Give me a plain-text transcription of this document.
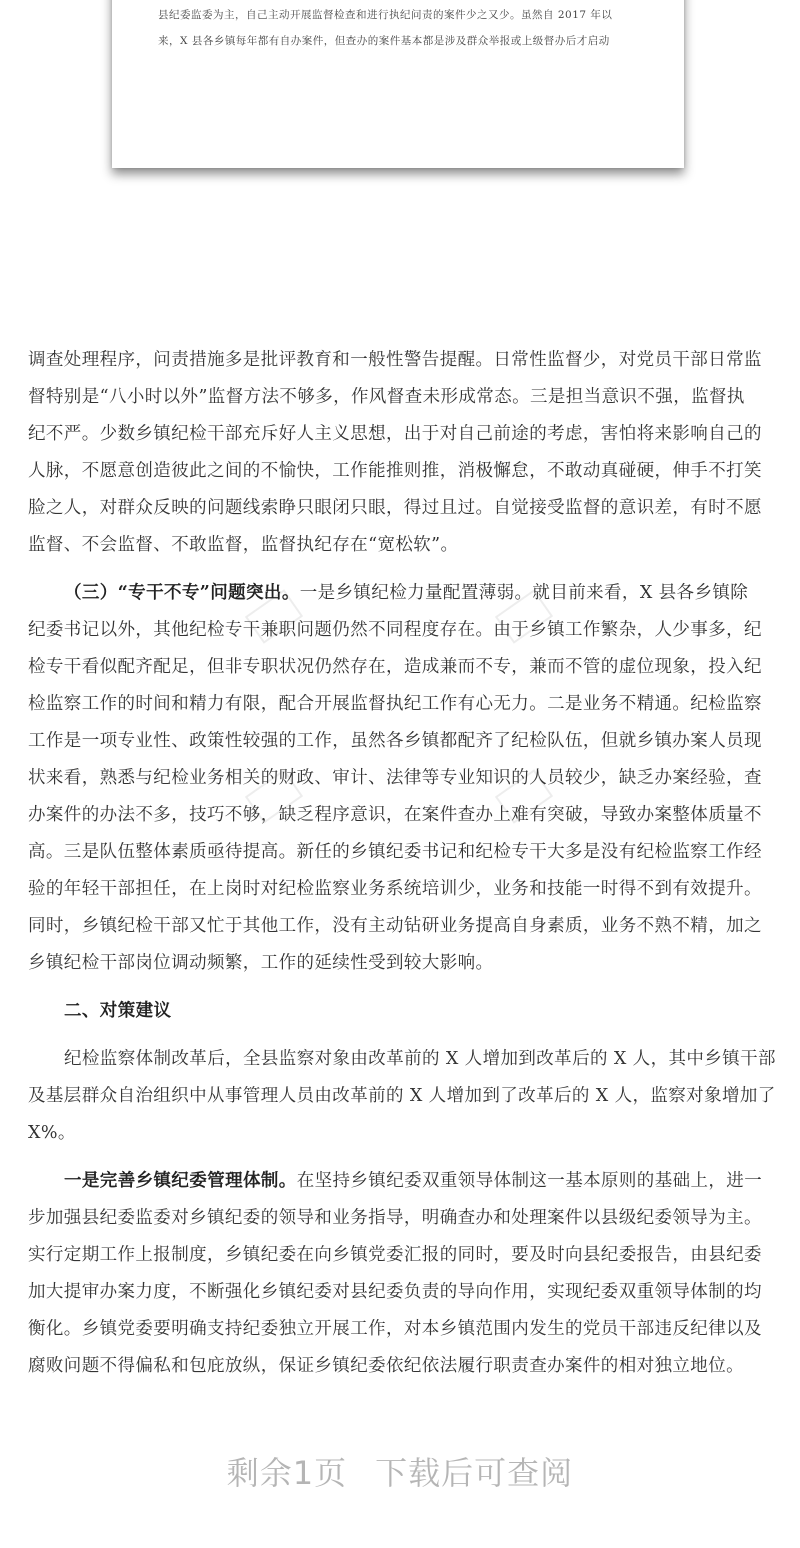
县纪委监委为主，自己主动开展监督检查和进行执纪问责的案件少之又少。虽然自 2017 年以
来，X 县各乡镇每年都有自办案件，但查办的案件基本都是涉及群众举报或上级督办后才启动

调查处理程序，问责措施多是批评教育和一般性警告提醒。日常性监督少，对党员干部日常监
督特别是“八小时以外”监督方法不够多，作风督查未形成常态。三是担当意识不强，监督执
纪不严。少数乡镇纪检干部充斥好人主义思想，出于对自己前途的考虑，害怕将来影响自己的
人脉，不愿意创造彼此之间的不愉快，工作能推则推，消极懈怠，不敢动真碰硬，伸手不打笑
脸之人，对群众反映的问题线索睁只眼闭只眼，得过且过。自觉接受监督的意识差，有时不愿
监督、不会监督、不敢监督，监督执纪存在“宽松软”。
（三）“专干不专”问题突出。一是乡镇纪检力量配置薄弱。就目前来看，X 县各乡镇除
纪委书记以外，其他纪检专干兼职问题仍然不同程度存在。由于乡镇工作繁杂，人少事多，纪
检专干看似配齐配足，但非专职状况仍然存在，造成兼而不专，兼而不管的虚位现象，投入纪
检监察工作的时间和精力有限，配合开展监督执纪工作有心无力。二是业务不精通。纪检监察
工作是一项专业性、政策性较强的工作，虽然各乡镇都配齐了纪检队伍，但就乡镇办案人员现
状来看，熟悉与纪检业务相关的财政、审计、法律等专业知识的人员较少，缺乏办案经验，查
办案件的办法不多，技巧不够，缺乏程序意识，在案件查办上难有突破，导致办案整体质量不
高。三是队伍整体素质亟待提高。新任的乡镇纪委书记和纪检专干大多是没有纪检监察工作经
验的年轻干部担任，在上岗时对纪检监察业务系统培训少，业务和技能一时得不到有效提升。
同时，乡镇纪检干部又忙于其他工作，没有主动钻研业务提高自身素质，业务不熟不精，加之
乡镇纪检干部岗位调动频繁，工作的延续性受到较大影响。
二、对策建议
纪检监察体制改革后，全县监察对象由改革前的 X 人增加到改革后的 X 人，其中乡镇干部
及基层群众自治组织中从事管理人员由改革前的 X 人增加到了改革后的 X 人，监察对象增加了
X%。
一是完善乡镇纪委管理体制。在坚持乡镇纪委双重领导体制这一基本原则的基础上，进一
步加强县纪委监委对乡镇纪委的领导和业务指导，明确查办和处理案件以县级纪委领导为主。
实行定期工作上报制度，乡镇纪委在向乡镇党委汇报的同时，要及时向县纪委报告，由县纪委
加大提审办案力度，不断强化乡镇纪委对县纪委负责的导向作用，实现纪委双重领导体制的均
衡化。乡镇党委要明确支持纪委独立开展工作，对本乡镇范围内发生的党员干部违反纪律以及
腐败问题不得偏私和包庇放纵，保证乡镇纪委依纪依法履行职责查办案件的相对独立地位。
剩余1页 下载后可查阅
